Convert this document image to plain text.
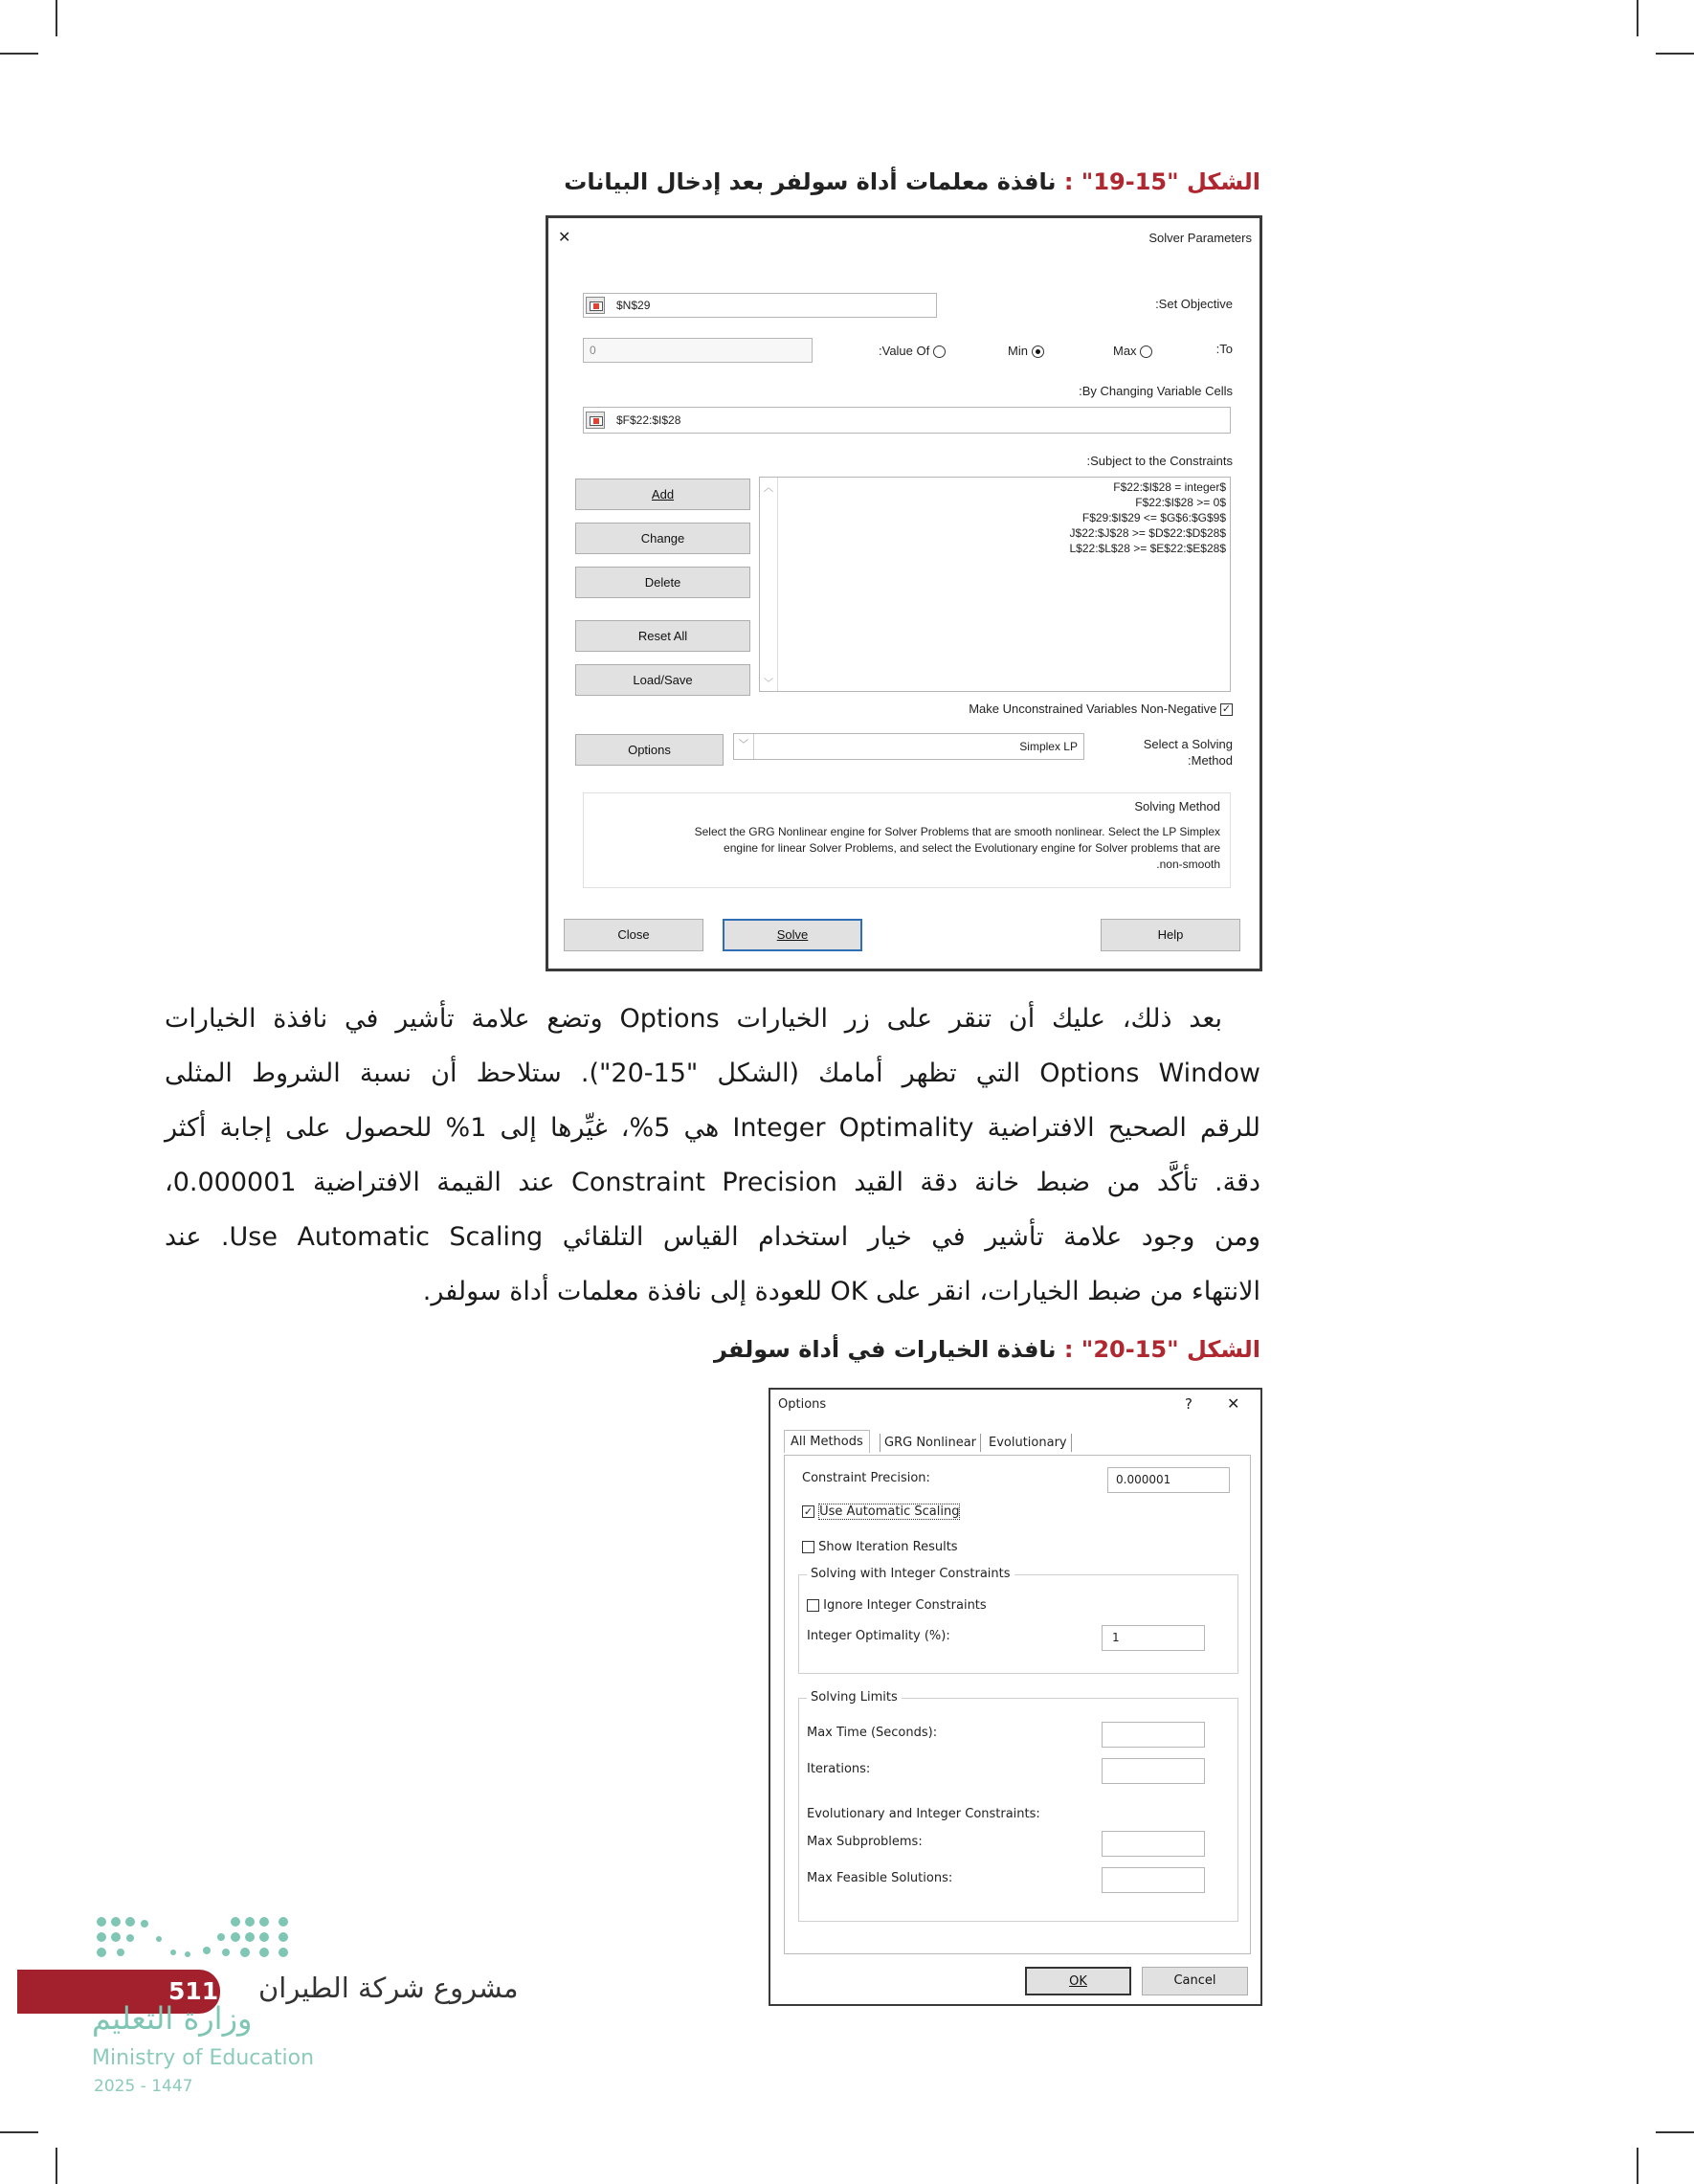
الشكل "15-19" : نافذة معلمات أداة سولفر بعد إدخال البيانات
✕	Solver Parameters
:Set Objective
$N$29
:To
Max
Min
:Value Of
0
:By Changing Variable Cells
$F$22:$I$28
:Subject to the Constraints
Add
Change
Delete
Reset All
Load/Save
︿
﹀
F$22:$I$28 = integer$
F$22:$I$28 >= 0$
F$29:$I$29 <= $G$6:$G$9$
J$22:$J$28 >= $D$22:$D$28$
L$22:$L$28 >= $E$22:$E$28$
Make Unconstrained Variables Non-Negative ✓
Options	﹀	Simplex LP	Select a Solving
:Method
Solving Method
Select the GRG Nonlinear engine for Solver Problems that are smooth nonlinear. Select the LP Simplex
engine for linear Solver Problems, and select the Evolutionary engine for Solver problems that are
.non-smooth
Close	Solve	Help
بعد ذلك، عليك أن تنقر على زر الخيارات Options وتضع علامة تأشير في نافذة الخيارات
Options Window التي تظهر أمامك (الشكل "15-20"). ستلاحظ أن نسبة الشروط المثلى
للرقم الصحيح الافتراضية Integer Optimality هي 5%، غيِّرها إلى 1% للحصول على إجابة أكثر
دقة. تأكَّد من ضبط خانة دقة القيد Constraint Precision عند القيمة الافتراضية 0.000001،
ومن وجود علامة تأشير في خيار استخدام القياس التلقائي Use Automatic Scaling. عند
الانتهاء من ضبط الخيارات، انقر على OK للعودة إلى نافذة معلمات أداة سولفر.
الشكل "15-20" : نافذة الخيارات في أداة سولفر
Options	? ✕
All Methods	GRG Nonlinear Evolutionary
Constraint Precision:	0.000001
✓ Use Automatic Scaling
Show Iteration Results
Solving with Integer Constraints
Ignore Integer Constraints
Integer Optimality (%):	1
Solving Limits
Max Time (Seconds):
Iterations:
Evolutionary and Integer Constraints:
Max Subproblems:
Max Feasible Solutions:
OK	Cancel
511 مشروع شركة الطيران
وزارة التعليم
Ministry of Education
2025 - 1447
